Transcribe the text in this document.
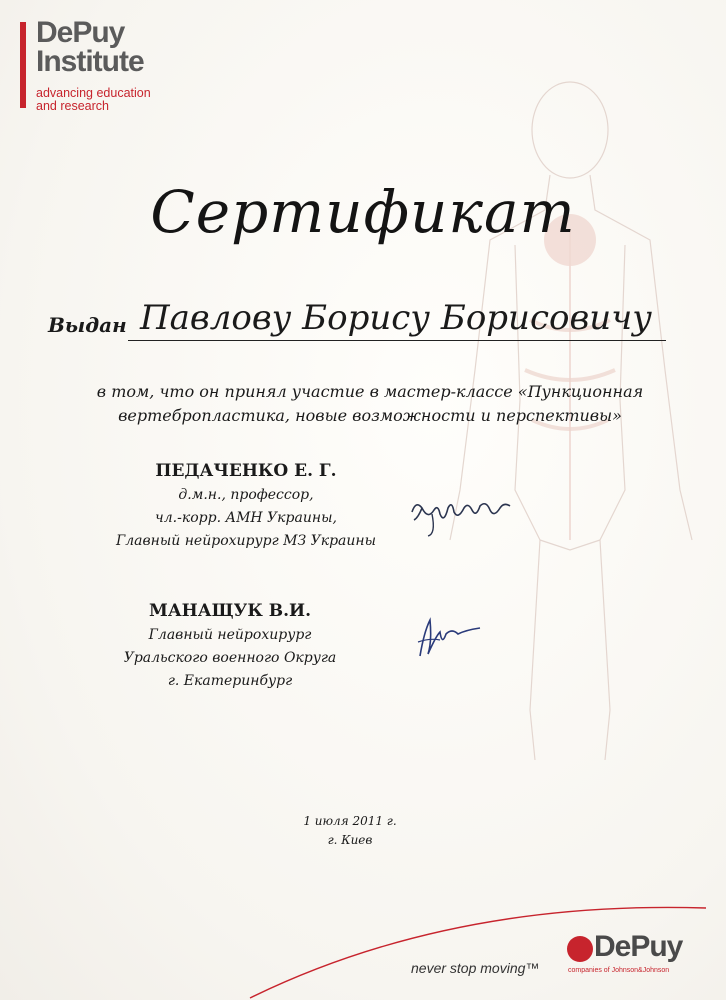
DePuy
Institute
advancing education
and research
Сертификат
Выдан Павлову Борису Борисовичу
в том, что он принял участие в мастер-классе «Пункционная
вертебропластика, новые возможности и перспективы»
ПЕДАЧЕНКО Е. Г.
д.м.н., профессор,
чл.-корр. АМН Украины,
Главный нейрохирург МЗ Украины
МАНАЩУК В.И.
Главный нейрохирург
Уральского военного Округа
г. Екатеринбург
1 июля 2011 г.
г. Киев
never stop moving™
DePuy
companies of Johnson&Johnson
